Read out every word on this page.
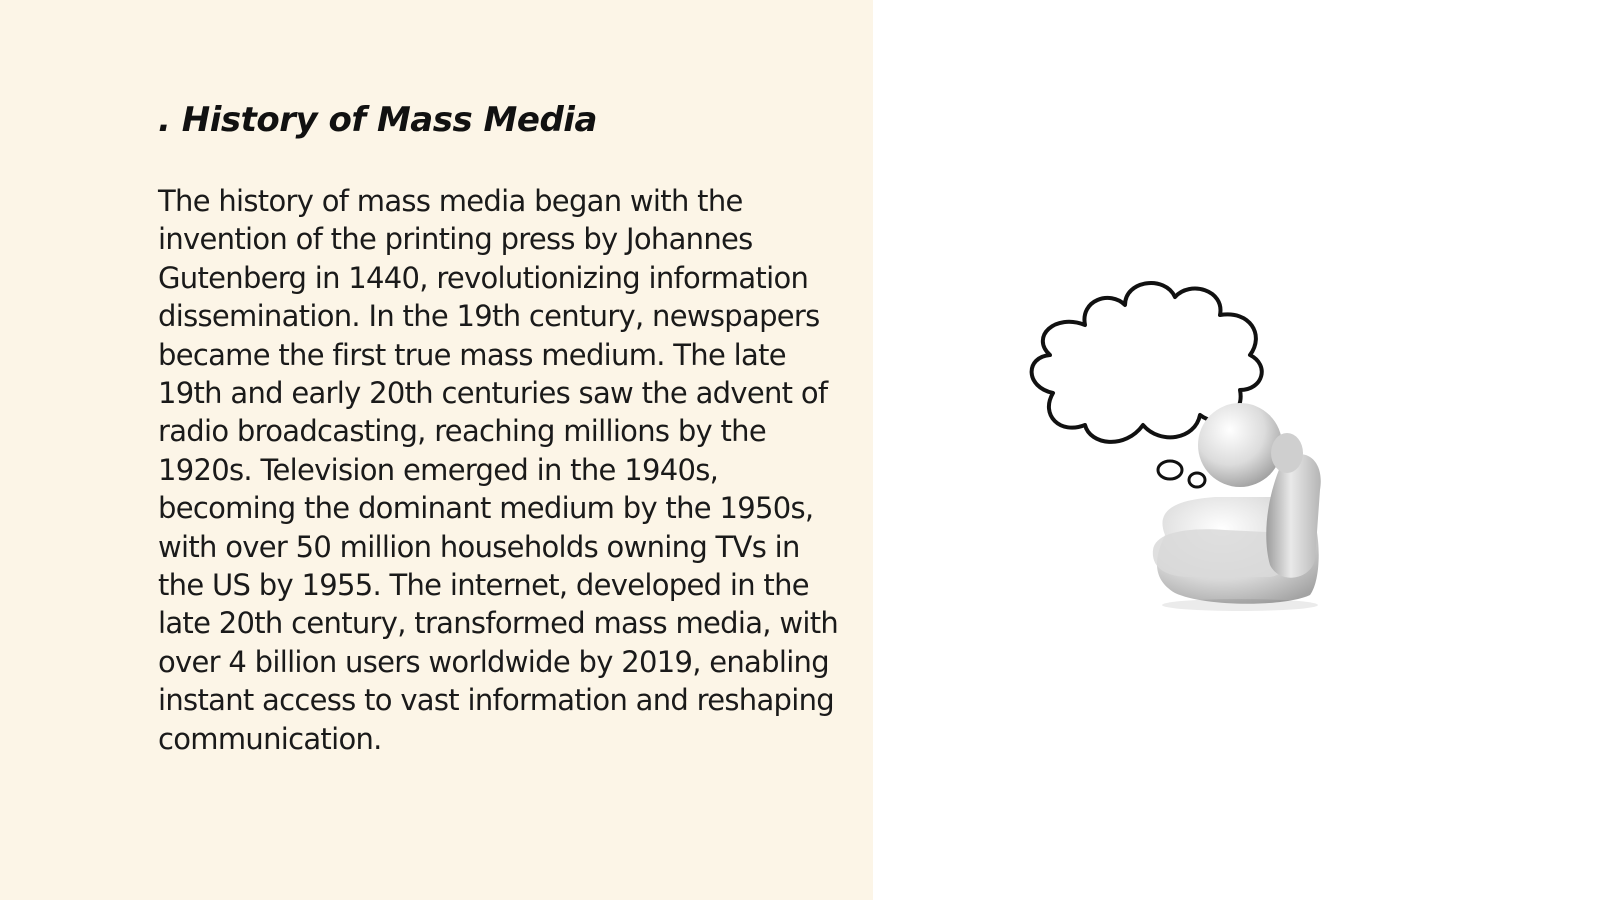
. History of Mass Media

The history of mass media began with the invention of the printing press by Johannes Gutenberg in 1440, revolutionizing information dissemination. In the 19th century, newspapers became the first true mass medium. The late 19th and early 20th centuries saw the advent of radio broadcasting, reaching millions by the 1920s. Television emerged in the 1940s, becoming the dominant medium by the 1950s, with over 50 million households owning TVs in the US by 1955. The internet, developed in the late 20th century, transformed mass media, with over 4 billion users worldwide by 2019, enabling instant access to vast information and reshaping communication.
